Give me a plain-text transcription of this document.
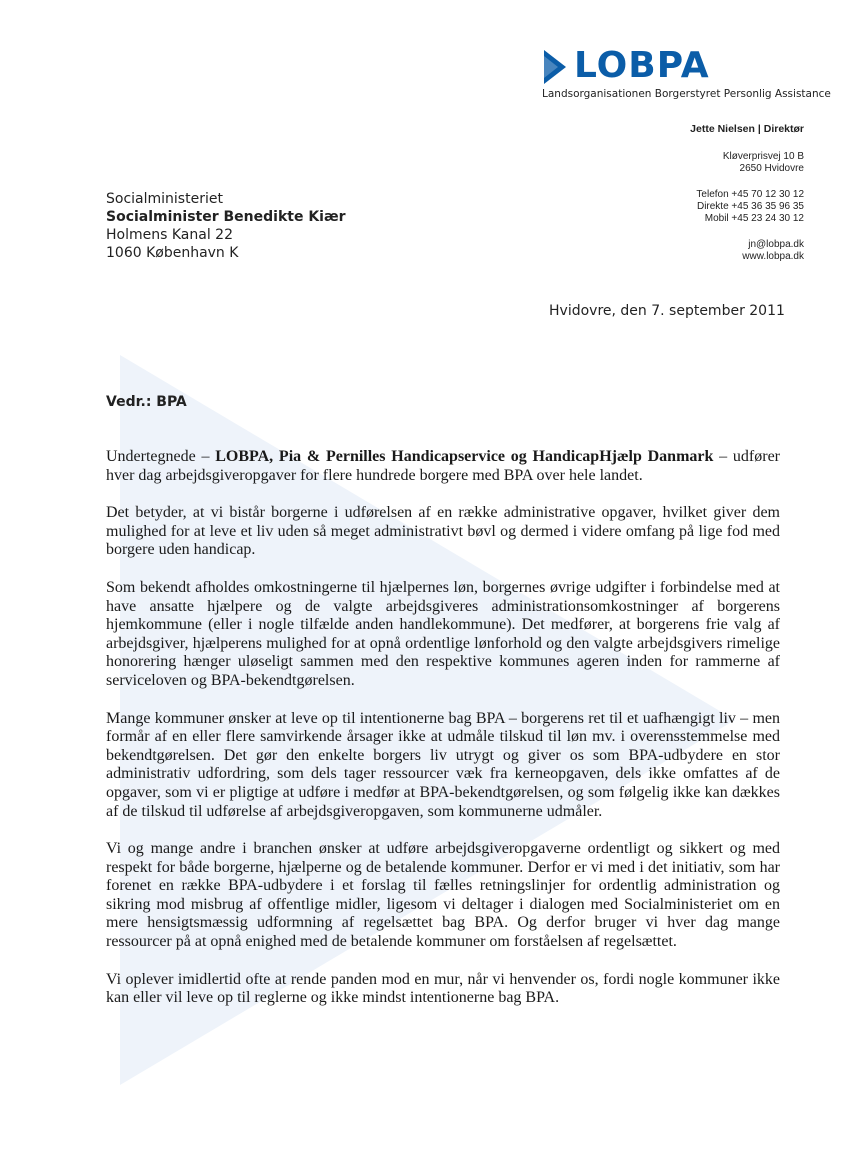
LOBPA
Landsorganisationen Borgerstyret Personlig Assistance
Jette Nielsen | Direktør
Kløverprisvej 10 B
2650 Hvidovre
Telefon +45 70 12 30 12
Direkte +45 36 35 96 35
Mobil +45 23 24 30 12
jn@lobpa.dk
www.lobpa.dk
Socialministeriet
Socialminister Benedikte Kiær
Holmens Kanal 22
1060 København K
Hvidovre, den 7. september 2011
Vedr.: BPA

Undertegnede – LOBPA, Pia & Pernilles Handicapservice og HandicapHjælp Danmark – udfører hver dag arbejdsgiveropgaver for flere hundrede borgere med BPA over hele landet.

Det betyder, at vi bistår borgerne i udførelsen af en række administrative opgaver, hvilket giver dem mulighed for at leve et liv uden så meget administrativt bøvl og dermed i videre omfang på lige fod med borgere uden handicap.

Som bekendt afholdes omkostningerne til hjælpernes løn, borgernes øvrige udgifter i forbindelse med at have ansatte hjælpere og de valgte arbejdsgiveres administrationsomkostninger af borgerens hjemkommune (eller i nogle tilfælde anden handlekommune). Det medfører, at borgerens frie valg af arbejdsgiver, hjælperens mulighed for at opnå ordentlige lønforhold og den valgte arbejdsgivers rimelige honorering hænger uløseligt sammen med den respektive kommunes ageren inden for rammerne af serviceloven og BPA-bekendtgørelsen.

Mange kommuner ønsker at leve op til intentionerne bag BPA – borgerens ret til et uafhængigt liv – men formår af en eller flere samvirkende årsager ikke at udmåle tilskud til løn mv. i overensstemmelse med bekendtgørelsen. Det gør den enkelte borgers liv utrygt og giver os som BPA-udbydere en stor administrativ udfordring, som dels tager ressourcer væk fra kerneopgaven, dels ikke omfattes af de opgaver, som vi er pligtige at udføre i medfør at BPA-bekendtgørelsen, og som følgelig ikke kan dækkes af de tilskud til udførelse af arbejdsgiveropgaven, som kommunerne udmåler.

Vi og mange andre i branchen ønsker at udføre arbejdsgiveropgaverne ordentligt og sikkert og med respekt for både borgerne, hjælperne og de betalende kommuner. Derfor er vi med i det initiativ, som har forenet en række BPA-udbydere i et forslag til fælles retningslinjer for ordentlig administration og sikring mod misbrug af offentlige midler, ligesom vi deltager i dialogen med Socialministeriet om en mere hensigtsmæssig udformning af regelsættet bag BPA. Og derfor bruger vi hver dag mange ressourcer på at opnå enighed med de betalende kommuner om forståelsen af regelsættet.

Vi oplever imidlertid ofte at rende panden mod en mur, når vi henvender os, fordi nogle kommuner ikke kan eller vil leve op til reglerne og ikke mindst intentionerne bag BPA.
